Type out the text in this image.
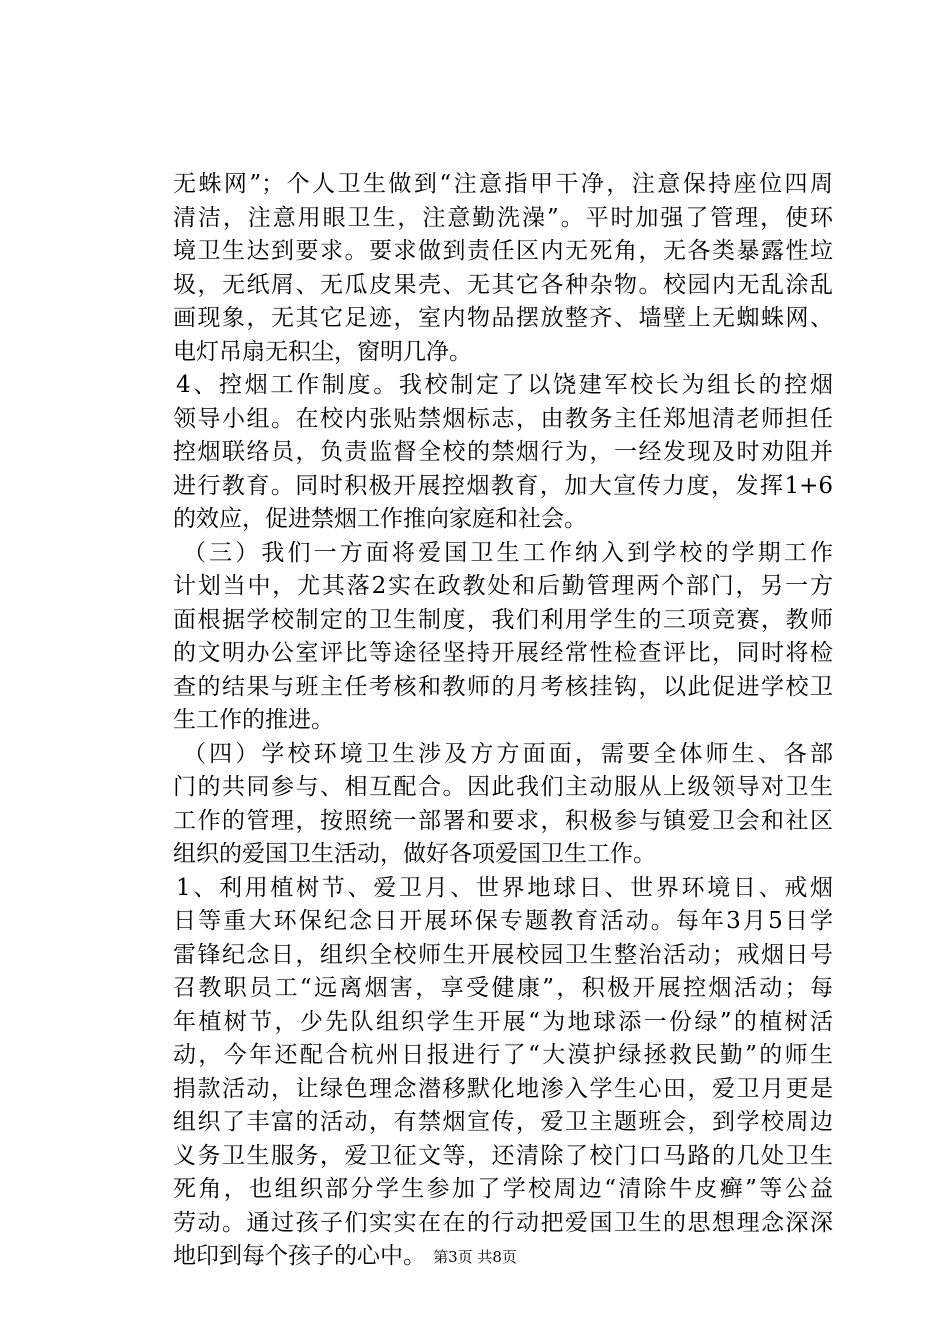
无蛛网”；个人卫生做到“注意指甲干净，注意保持座位四周
清洁，注意用眼卫生，注意勤洗澡”。平时加强了管理，使环
境卫生达到要求。要求做到责任区内无死角，无各类暴露性垃
圾，无纸屑、无瓜皮果壳、无其它各种杂物。校园内无乱涂乱
画现象，无其它足迹，室内物品摆放整齐、墙壁上无蜘蛛网、
电灯吊扇无积尘，窗明几净。
4、控烟工作制度。我校制定了以饶建军校长为组长的控烟
领导小组。在校内张贴禁烟标志，由教务主任郑旭清老师担任
控烟联络员，负责监督全校的禁烟行为，一经发现及时劝阻并
进行教育。同时积极开展控烟教育，加大宣传力度，发挥1+6
的效应，促进禁烟工作推向家庭和社会。
（三）我们一方面将爱国卫生工作纳入到学校的学期工作
计划当中，尤其落2实在政教处和后勤管理两个部门，另一方
面根据学校制定的卫生制度，我们利用学生的三项竞赛，教师
的文明办公室评比等途径坚持开展经常性检查评比，同时将检
查的结果与班主任考核和教师的月考核挂钩，以此促进学校卫
生工作的推进。
（四）学校环境卫生涉及方方面面，需要全体师生、各部
门的共同参与、相互配合。因此我们主动服从上级领导对卫生
工作的管理，按照统一部署和要求，积极参与镇爱卫会和社区
组织的爱国卫生活动，做好各项爱国卫生工作。
1、利用植树节、爱卫月、世界地球日、世界环境日、戒烟
日等重大环保纪念日开展环保专题教育活动。每年3月5日学
雷锋纪念日，组织全校师生开展校园卫生整治活动；戒烟日号
召教职员工“远离烟害，享受健康”，积极开展控烟活动；每
年植树节，少先队组织学生开展“为地球添一份绿”的植树活
动，今年还配合杭州日报进行了“大漠护绿拯救民勤”的师生
捐款活动，让绿色理念潜移默化地渗入学生心田，爱卫月更是
组织了丰富的活动，有禁烟宣传，爱卫主题班会，到学校周边
义务卫生服务，爱卫征文等，还清除了校门口马路的几处卫生
死角，也组织部分学生参加了学校周边“清除牛皮癣”等公益
劳动。通过孩子们实实在在的行动把爱国卫生的思想理念深深
地印到每个孩子的心中。 第3页 共8页
